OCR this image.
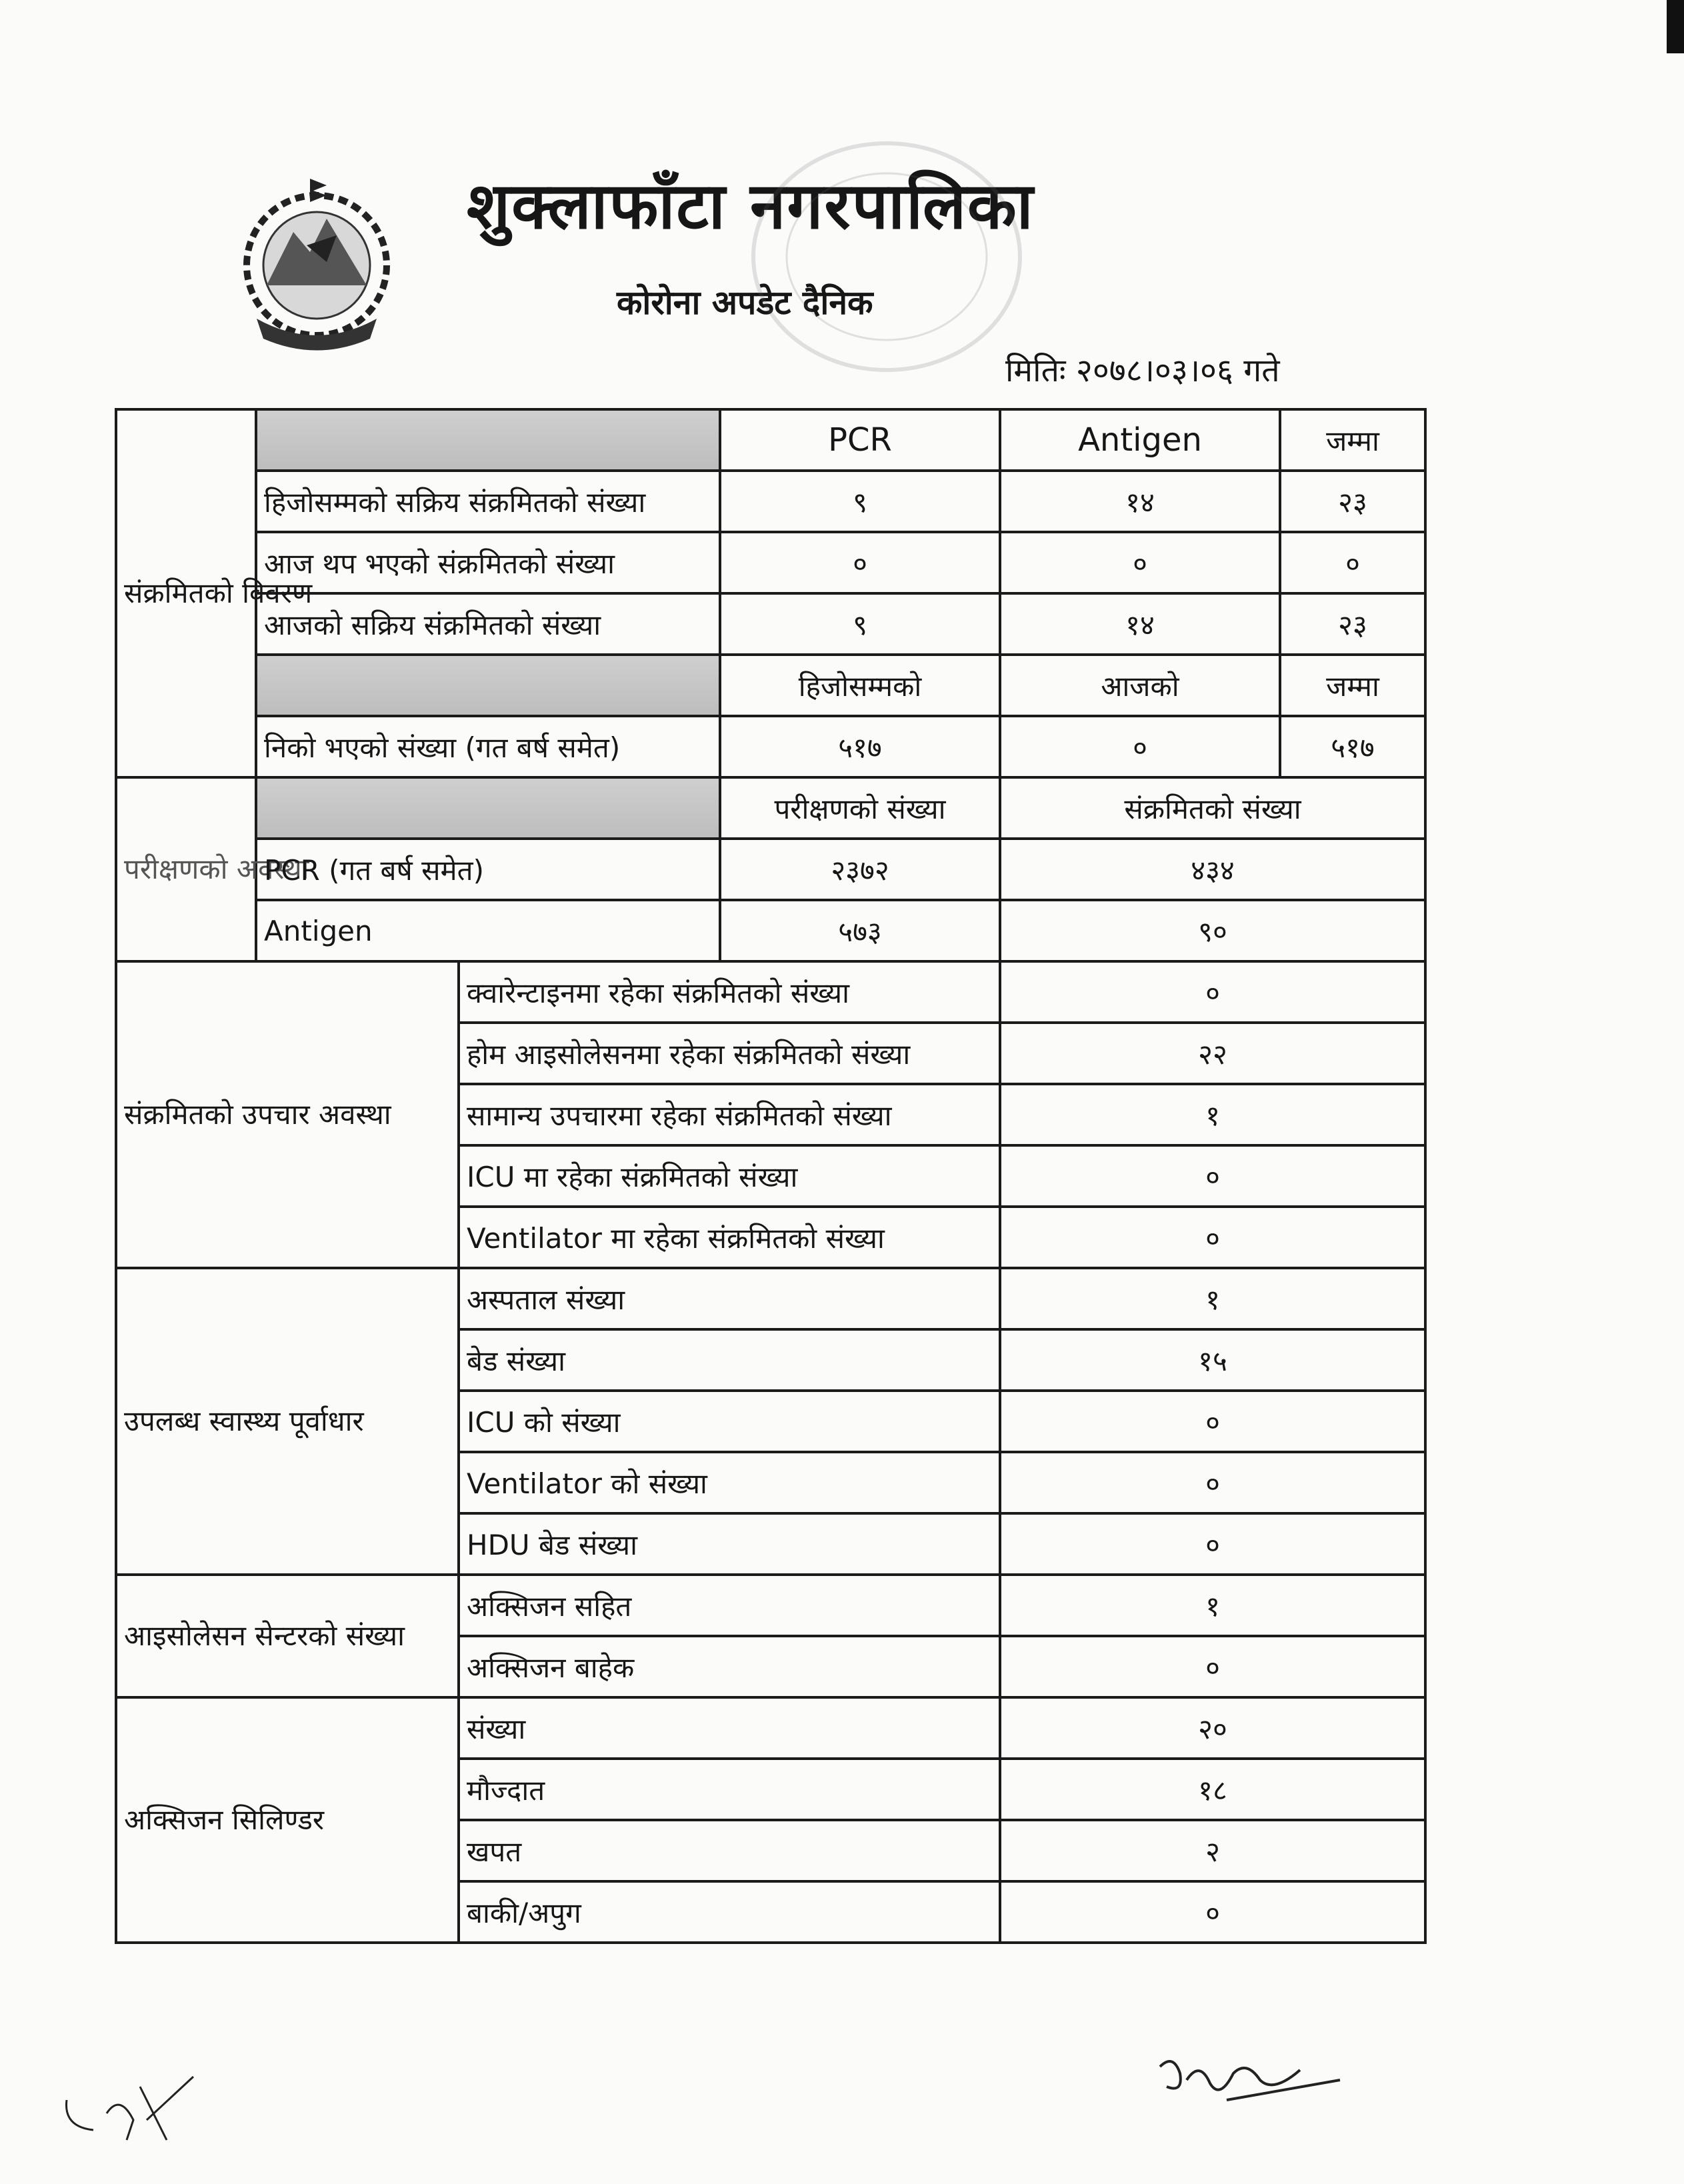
शुक्लाफाँटा नगरपालिका
कोरोना अपडेट दैनिक
मितिः २०७८।०३।०६ गते
संक्रमितको विवरण			PCR	Antigen	जम्मा
	हिजोसम्मको सक्रिय संक्रमितको संख्या		९	१४	२३
	आज थप भएको संक्रमितको संख्या		०	०	०
	आजको सक्रिय संक्रमितको संख्या		९	१४	२३
			हिजोसम्मको	आजको	जम्मा
	निको भएको संख्या (गत बर्ष समेत)		५१७	०	५१७
परीक्षणको अवस्था			परीक्षणको संख्या	संक्रमितको संख्या	
	PCR (गत बर्ष समेत)		२३७२	४३४	
	Antigen		५७३	९०	
संक्रमितको उपचार अवस्था		क्वारेन्टाइनमा रहेका संक्रमितको संख्या		०	
		होम आइसोलेसनमा रहेका संक्रमितको संख्या		२२	
		सामान्य उपचारमा रहेका संक्रमितको संख्या		१	
		ICU मा रहेका संक्रमितको संख्या		०	
		Ventilator मा रहेका संक्रमितको संख्या		०	
उपलब्ध स्वास्थ्य पूर्वाधार		अस्पताल संख्या		१	
		बेड संख्या		१५	
		ICU को संख्या		०	
		Ventilator को संख्या		०	
		HDU बेड संख्या		०	
आइसोलेसन सेन्टरको संख्या		अक्सिजन सहित		१	
		अक्सिजन बाहेक		०	
अक्सिजन सिलिण्डर		संख्या		२०	
		मौज्दात		१८	
		खपत		२	
		बाकी/अपुग		०	
